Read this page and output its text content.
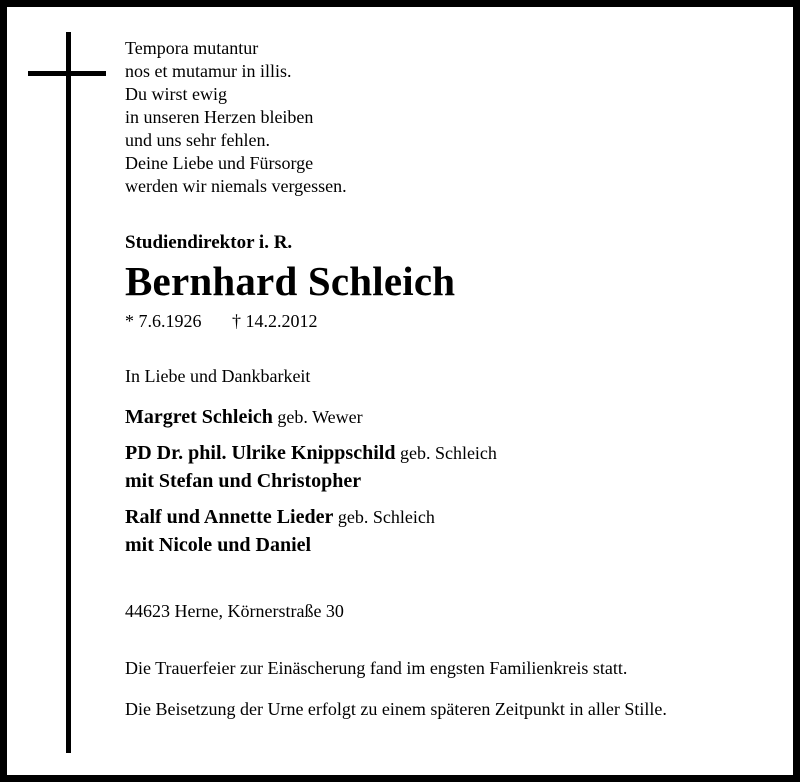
Tempora mutantur
nos et mutamur in illis.
Du wirst ewig
in unseren Herzen bleiben
und uns sehr fehlen.
Deine Liebe und Fürsorge
werden wir niemals vergessen.
Studiendirektor i. R.
Bernhard Schleich
* 7.6.1926 † 14.2.2012
In Liebe und Dankbarkeit
Margret Schleich geb. Wewer
PD Dr. phil. Ulrike Knippschild geb. Schleich
mit Stefan und Christopher
Ralf und Annette Lieder geb. Schleich
mit Nicole und Daniel
44623 Herne, Körnerstraße 30
Die Trauerfeier zur Einäscherung fand im engsten Familienkreis statt.
Die Beisetzung der Urne erfolgt zu einem späteren Zeitpunkt in aller Stille.
